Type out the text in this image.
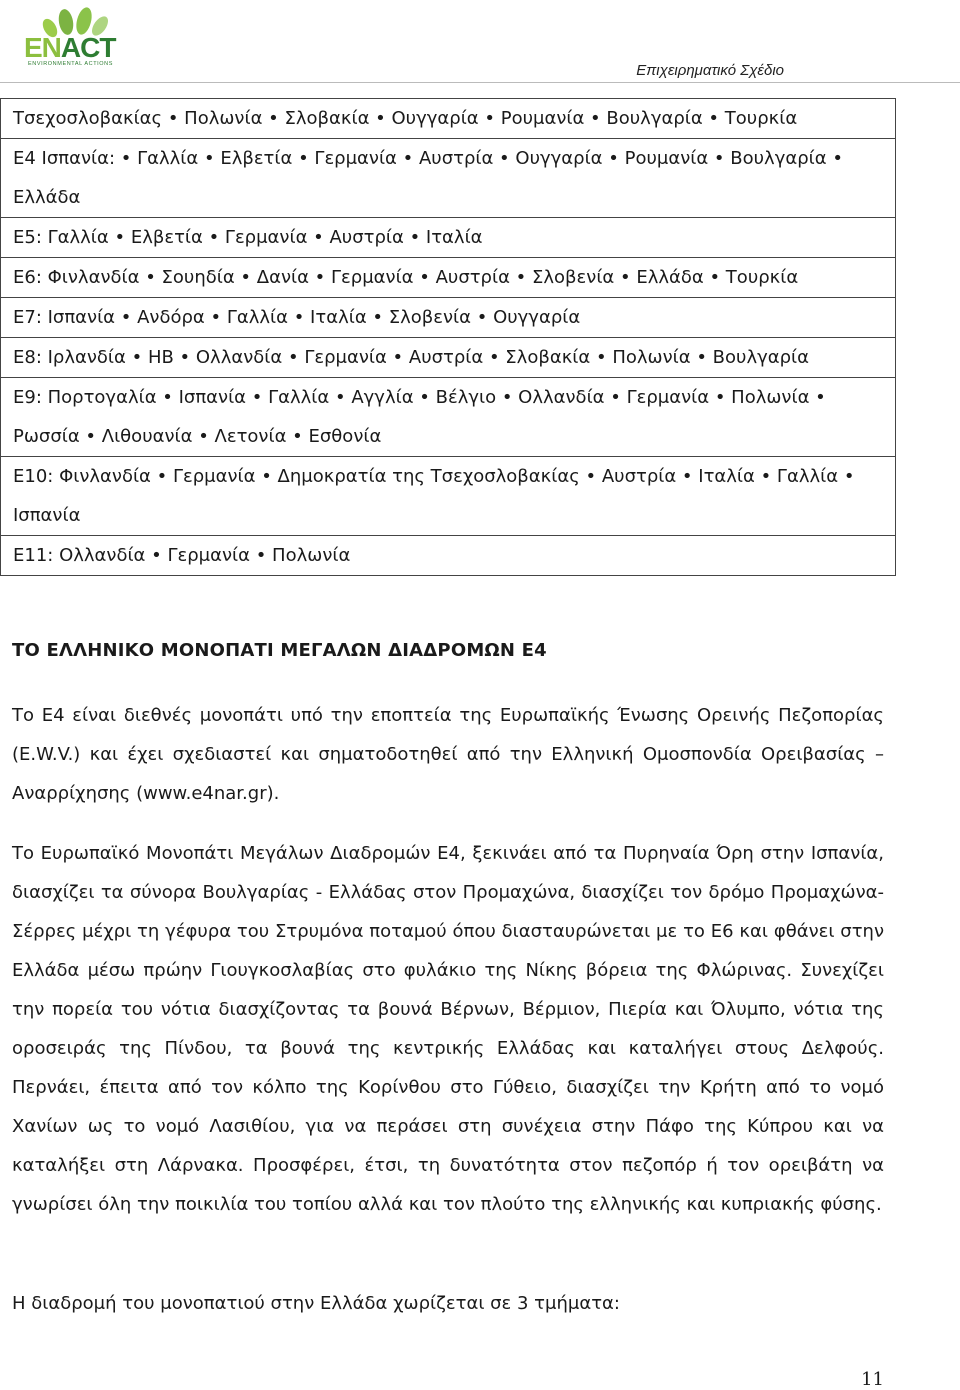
ENACT
ENVIRONMENTAL ACTIONS	Επιχειρηματικό Σχέδιο
Τσεχοσλοβακίας • Πολωνία • Σλοβακία • Ουγγαρία • Ρουμανία • Βουλγαρία • Τουρκία
Ε4 Ισπανία: • Γαλλία • Ελβετία • Γερμανία • Αυστρία • Ουγγαρία • Ρουμανία • Βουλγαρία • Ελλάδα
Ε5: Γαλλία • Ελβετία • Γερμανία • Αυστρία • Ιταλία
Ε6: Φινλανδία • Σουηδία • Δανία • Γερμανία • Αυστρία • Σλοβενία • Ελλάδα • Τουρκία
Ε7: Ισπανία • Ανδόρα • Γαλλία • Ιταλία • Σλοβενία • Ουγγαρία
Ε8: Ιρλανδία • ΗΒ • Ολλανδία • Γερμανία • Αυστρία • Σλοβακία • Πολωνία • Βουλγαρία
Ε9: Πορτογαλία • Ισπανία • Γαλλία • Αγγλία • Βέλγιο • Ολλανδία • Γερμανία • Πολωνία • Ρωσσία • Λιθουανία • Λετονία • Εσθονία
Ε10: Φινλανδία • Γερμανία • Δημοκρατία της Τσεχοσλοβακίας • Αυστρία • Ιταλία • Γαλλία • Ισπανία
Ε11: Ολλανδία • Γερμανία • Πολωνία
ΤΟ ΕΛΛΗΝΙΚΟ ΜΟΝΟΠΑΤΙ ΜΕΓΑΛΩΝ ΔΙΑΔΡΟΜΩΝ Ε4
Το Ε4 είναι διεθνές μονοπάτι υπό την εποπτεία της Ευρωπαϊκής Ένωσης Ορεινής Πεζοπορίας (E.W.V.) και έχει σχεδιαστεί και σηματοδοτηθεί από την Ελληνική Ομοσπονδία Ορειβασίας – Αναρρίχησης (www.e4nar.gr).
Το Ευρωπαϊκό Μονοπάτι Μεγάλων Διαδρομών Ε4, ξεκινάει από τα Πυρηναία Όρη στην Ισπανία, διασχίζει τα σύνορα Βουλγαρίας - Ελλάδας στον Προμαχώνα, διασχίζει τον δρόμο Προμαχώνα-Σέρρες μέχρι τη γέφυρα του Στρυμόνα ποταμού όπου διασταυρώνεται με το Ε6 και φθάνει στην Ελλάδα μέσω πρώην Γιουγκοσλαβίας στο φυλάκιο της Νίκης βόρεια της Φλώρινας. Συνεχίζει την πορεία του νότια διασχίζοντας τα βουνά Βέρνων, Βέρμιον, Πιερία και Όλυμπο, νότια της οροσειράς της Πίνδου, τα βουνά της κεντρικής Ελλάδας και καταλήγει στους Δελφούς. Περνάει, έπειτα από τον κόλπο της Κορίνθου στο Γύθειο, διασχίζει την Κρήτη από το νομό Χανίων ως το νομό Λασιθίου, για να περάσει στη συνέχεια στην Πάφο της Κύπρου και να καταλήξει στη Λάρνακα. Προσφέρει, έτσι, τη δυνατότητα στον πεζοπόρ ή τον ορειβάτη να γνωρίσει όλη την ποικιλία του τοπίου αλλά και τον πλούτο της ελληνικής και κυπριακής φύσης.
Η διαδρομή του μονοπατιού στην Ελλάδα χωρίζεται σε 3 τμήματα:
11
